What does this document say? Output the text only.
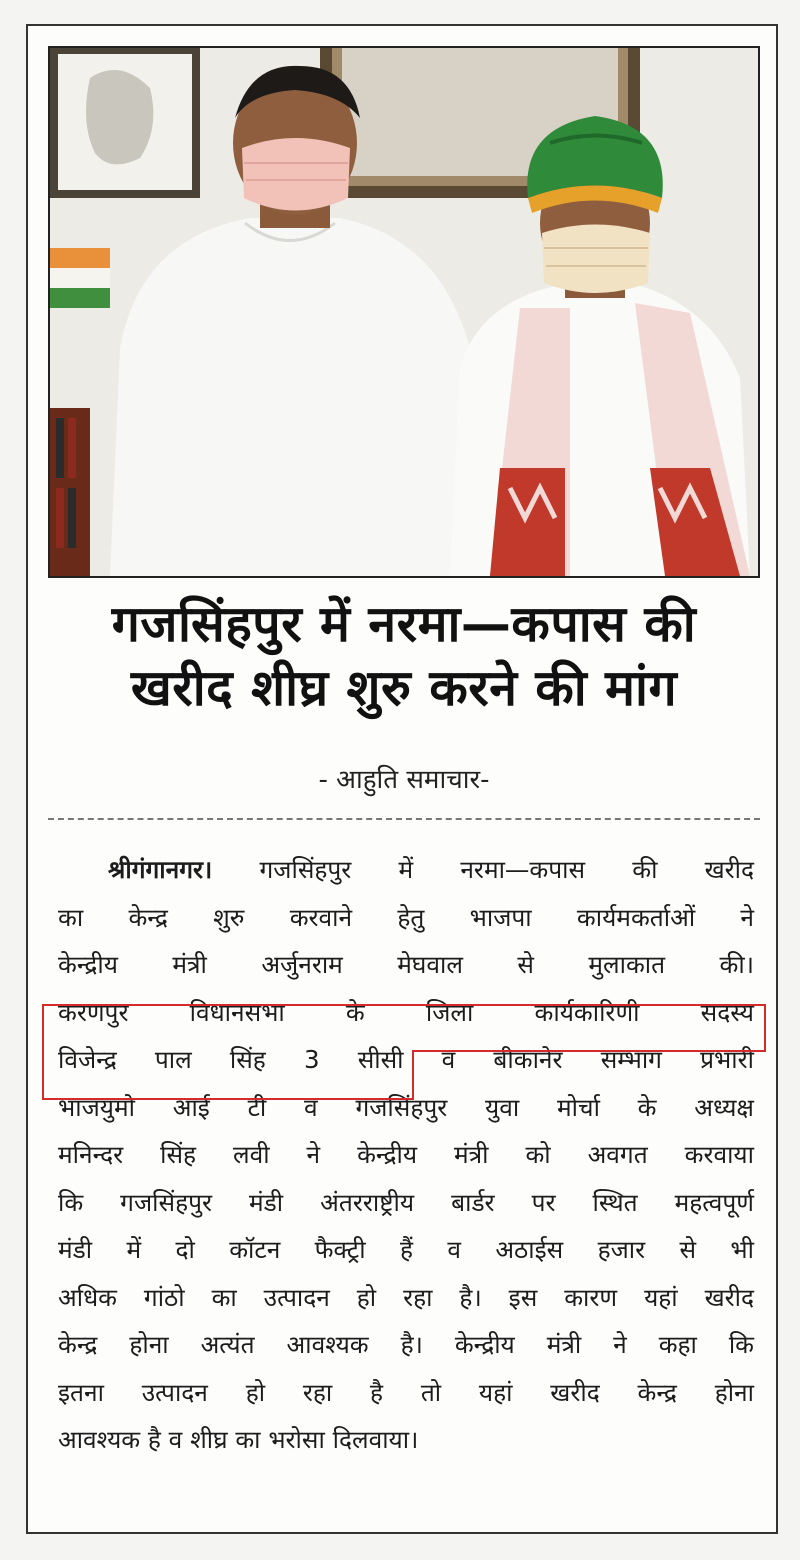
गजसिंहपुर में नरमा—कपास की
खरीद शीघ्र शुरु करने की मांग
- आहुति समाचार-
श्रीगंगानगर। गजसिंहपुर में नरमा—कपास की खरीद
का केन्द्र शुरु करवाने हेतु भाजपा कार्यमकर्ताओं ने
केन्द्रीय मंत्री अर्जुनराम मेघवाल से मुलाकात की।
करणपुर विधानसभा के जिला कार्यकारिणी सदस्य
विजेन्द्र पाल सिंह 3 सीसी व बीकानेर सम्भाग प्रभारी
भाजयुमो आई टी व गजसिंहपुर युवा मोर्चा के अध्यक्ष
मनिन्दर सिंह लवी ने केन्द्रीय मंत्री को अवगत करवाया
कि गजसिंहपुर मंडी अंतरराष्ट्रीय बार्डर पर स्थित महत्वपूर्ण
मंडी में दो कॉटन फैक्ट्री हैं व अठाईस हजार से भी
अधिक गांठो का उत्पादन हो रहा है। इस कारण यहां खरीद
केन्द्र होना अत्यंत आवश्यक है। केन्द्रीय मंत्री ने कहा कि
इतना उत्पादन हो रहा है तो यहां खरीद केन्द्र होना
आवश्यक है व शीघ्र का भरोसा दिलवाया।
